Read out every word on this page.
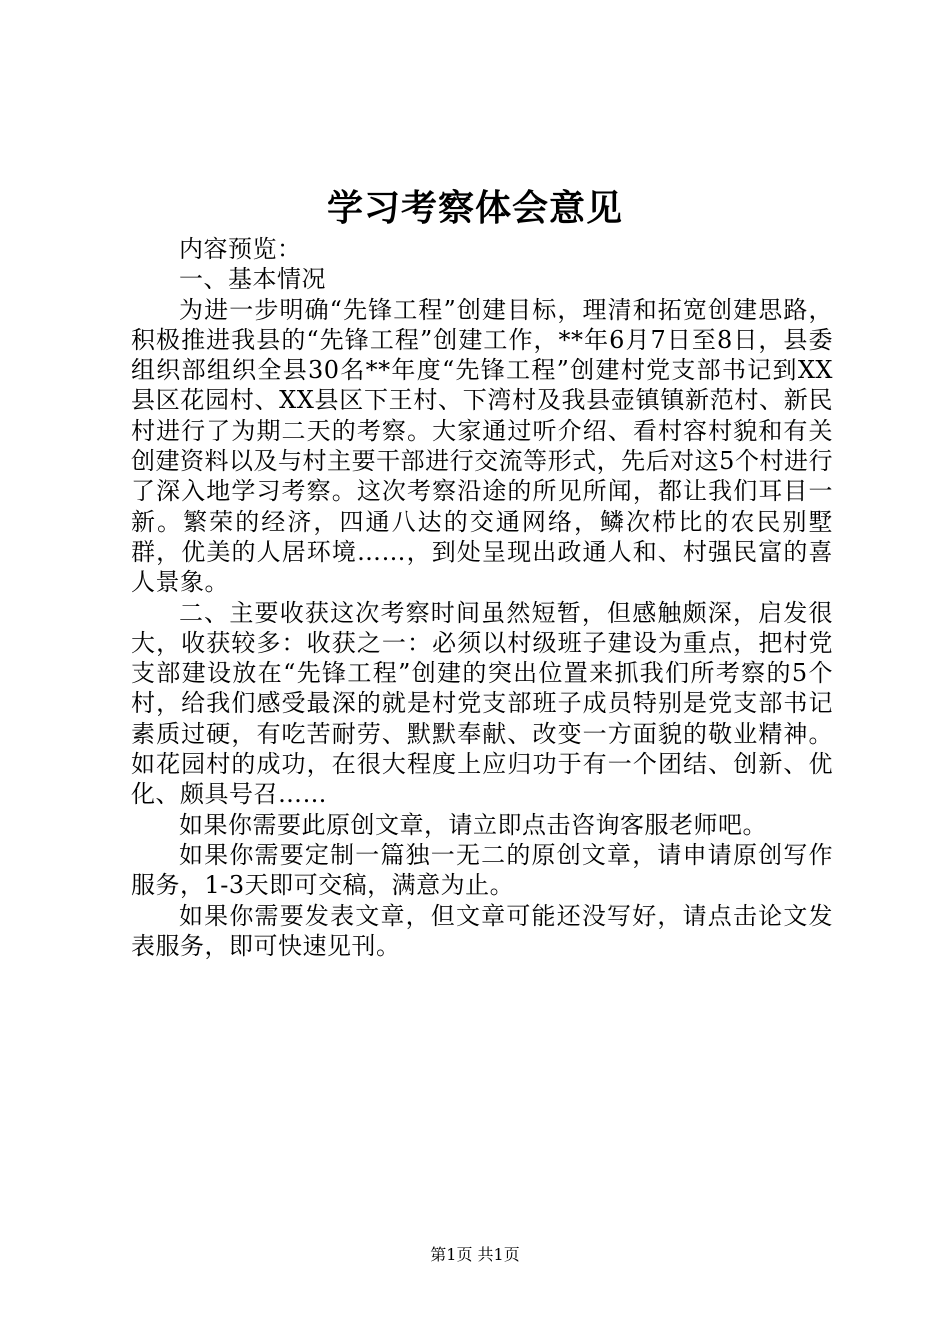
学习考察体会意见

内容预览：

一、基本情况

为进一步明确“先锋工程”创建目标，理清和拓宽创建思路，积极推进我县的“先锋工程”创建工作，**年6月7日至8日，县委组织部组织全县30名**年度“先锋工程”创建村党支部书记到XX县区花园村、XX县区下王村、下湾村及我县壶镇镇新范村、新民村进行了为期二天的考察。大家通过听介绍、看村容村貌和有关创建资料以及与村主要干部进行交流等形式，先后对这5个村进行了深入地学习考察。这次考察沿途的所见所闻，都让我们耳目一新。繁荣的经济，四通八达的交通网络，鳞次栉比的农民别墅群，优美的人居环境……，到处呈现出政通人和、村强民富的喜人景象。

二、主要收获这次考察时间虽然短暂，但感触颇深，启发很大，收获较多：收获之一：必须以村级班子建设为重点，把村党支部建设放在“先锋工程”创建的突出位置来抓我们所考察的5个村，给我们感受最深的就是村党支部班子成员特别是党支部书记素质过硬，有吃苦耐劳、默默奉献、改变一方面貌的敬业精神。如花园村的成功，在很大程度上应归功于有一个团结、创新、优化、颇具号召……

如果你需要此原创文章，请立即点击咨询客服老师吧。

如果你需要定制一篇独一无二的原创文章，请申请原创写作服务，1-3天即可交稿，满意为止。

如果你需要发表文章，但文章可能还没写好，请点击论文发表服务，即可快速见刊。

第1页 共1页
